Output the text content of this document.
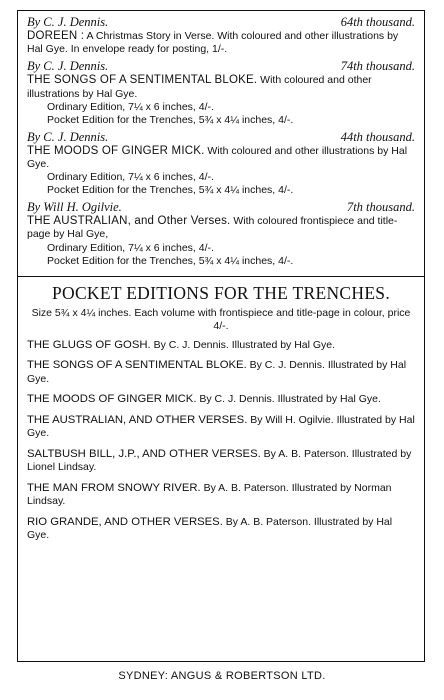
By C. J. Dennis.	64th thousand.
DOREEN : A Christmas Story in Verse. With coloured and other illustrations by Hal Gye. In envelope ready for posting, 1/-.
By C. J. Dennis.	74th thousand.
THE SONGS OF A SENTIMENTAL BLOKE. With coloured and other illustrations by Hal Gye.
Ordinary Edition, 7¼ x 6 inches, 4/-.
Pocket Edition for the Trenches, 5¾ x 4¼ inches, 4/-.
By C. J. Dennis.	44th thousand.
THE MOODS OF GINGER MICK. With coloured and other illustrations by Hal Gye.
Ordinary Edition, 7¼ x 6 inches, 4/-.
Pocket Edition for the Trenches, 5¾ x 4¼ inches, 4/-.
By Will H. Ogilvie.	7th thousand.
THE AUSTRALIAN, and Other Verses. With coloured frontispiece and title-page by Hal Gye,
Ordinary Edition, 7¼ x 6 inches, 4/-.
Pocket Edition for the Trenches, 5¾ x 4¼ inches, 4/-.
POCKET EDITIONS FOR THE TRENCHES.
Size 5¾ x 4¼ inches. Each volume with frontispiece and title-page in colour, price 4/-.
THE GLUGS OF GOSH. By C. J. Dennis. Illustrated by Hal Gye.
THE SONGS OF A SENTIMENTAL BLOKE. By C. J. Dennis. Illustrated by Hal Gye.
THE MOODS OF GINGER MICK. By C. J. Dennis. Illustrated by Hal Gye.
THE AUSTRALIAN, AND OTHER VERSES. By Will H. Ogilvie. Illustrated by Hal Gye.
SALTBUSH BILL, J.P., AND OTHER VERSES. By A. B. Paterson. Illustrated by Lionel Lindsay.
THE MAN FROM SNOWY RIVER. By A. B. Paterson. Illustrated by Norman Lindsay.
RIO GRANDE, AND OTHER VERSES. By A. B. Paterson. Illustrated by Hal Gye.
SYDNEY: ANGUS & ROBERTSON LTD.
